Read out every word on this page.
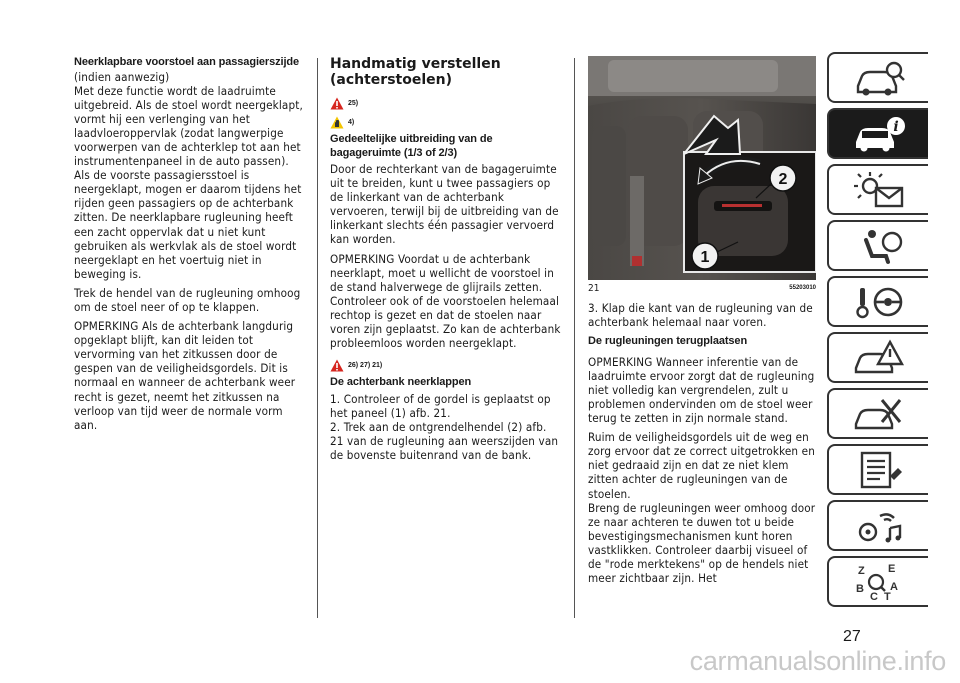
Neerklapbare voorstoel aan passagierszijde
(indien aanwezig)
Met deze functie wordt de laadruimte uitgebreid. Als de stoel wordt neergeklapt, vormt hij een verlenging van het laadvloeroppervlak (zodat langwerpige voorwerpen van de achterklep tot aan het instrumentenpaneel in de auto passen). Als de voorste passagiersstoel is neergeklapt, mogen er daarom tijdens het rijden geen passagiers op de achterbank zitten. De neerklapbare rugleuning heeft een zacht oppervlak dat u niet kunt gebruiken als werkvlak als de stoel wordt neergeklapt en het voertuig niet in beweging is.
Trek de hendel van de rugleuning omhoog om de stoel neer of op te klappen.
OPMERKING Als de achterbank langdurig opgeklapt blijft, kan dit leiden tot vervorming van het zitkussen door de gespen van de veiligheidsgordels. Dit is normaal en wanneer de achterbank weer recht is gezet, neemt het zitkussen na verloop van tijd weer de normale vorm aan.
Handmatig verstellen (achterstoelen)
25)
4)
Gedeeltelijke uitbreiding van de bagageruimte (1/3 of 2/3)
Door de rechterkant van de bagageruimte uit te breiden, kunt u twee passagiers op de linkerkant van de achterbank vervoeren, terwijl bij de uitbreiding van de linkerkant slechts één passagier vervoerd kan worden.
OPMERKING Voordat u de achterbank neerklapt, moet u wellicht de voorstoel in de stand halverwege de glijrails zetten. Controleer ook of de voorstoelen helemaal rechtop is gezet en dat de stoelen naar voren zijn geplaatst. Zo kan de achterbank probleemloos worden neergeklapt.
26) 27) 21)
De achterbank neerklappen
1. Controleer of de gordel is geplaatst op het paneel (1) afb. 21.
2. Trek aan de ontgrendelhendel (2) afb. 21 van de rugleuning aan weerszijden van de bovenste buitenrand van de bank.
2
1
21	55203010
3. Klap die kant van de rugleuning van de achterbank helemaal naar voren.
De rugleuningen terugplaatsen
OPMERKING Wanneer inferentie van de laadruimte ervoor zorgt dat de rugleuning niet volledig kan vergrendelen, zult u problemen ondervinden om de stoel weer terug te zetten in zijn normale stand.
Ruim de veiligheidsgordels uit de weg en zorg ervoor dat ze correct uitgetrokken en niet gedraaid zijn en dat ze niet klem zitten achter de rugleuningen van de stoelen.
Breng de rugleuningen weer omhoog door ze naar achteren te duwen tot u beide bevestigingsmechanismen kunt horen vastklikken. Controleer daarbij visueel of de "rode merktekens" op de hendels niet meer zichtbaar zijn. Het
i
Z E
B A
C T
27
carmanualsonline.info
